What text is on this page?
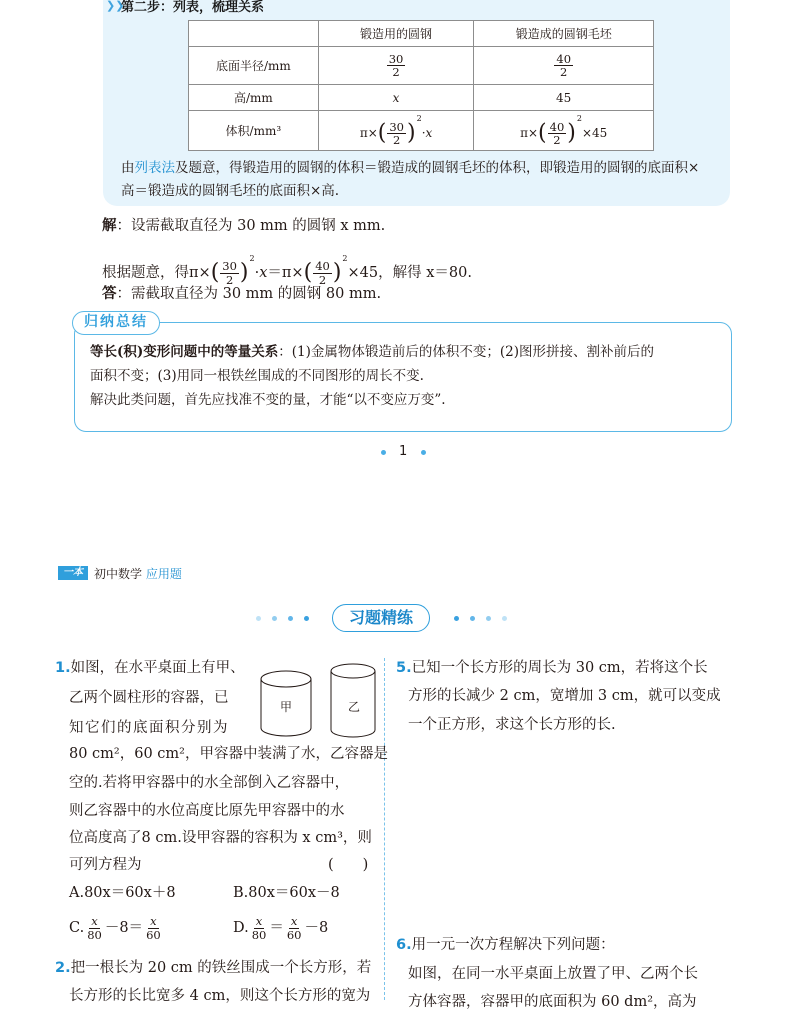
❯❯
第二步：列表，梳理关系
	锻造用的圆钢	锻造成的圆钢毛坯
底面半径/mm	$\frac{30}{2}$	$\frac{40}{2}$

高/mm	x	45
体积/mm³	$\pi\times( \frac{30}{2} )^2\cdot x$	$\pi\times( \frac{40}{2} )^2\times 45$
由列表法及题意，得锻造用的圆钢的体积＝锻造成的圆钢毛坯的体积，即锻造用的圆钢的底面积×
高＝锻造成的圆钢毛坯的底面积×高.
解：设需截取直径为 30 mm 的圆钢 x mm.
根据题意，得$\pi\times( \frac{30}{2} )^2\cdot x=\pi\times( \frac{40}{2} )^2\times 45$，解得 x＝80.
答：需截取直径为 30 mm 的圆钢 80 mm.
归纳总结
等长(积)变形问题中的等量关系：(1)金属物体锻造前后的体积不变；(2)图形拼接、割补前后的
面积不变；(3)用同一根铁丝围成的不同图形的周长不变.
解决此类问题，首先应找准不变的量，才能“以不变应万变”.
1
一本 初中数学 应用题
习题精练
1.如图，在水平桌面上有甲、
乙两个圆柱形的容器，已
知它们的底面积分别为
80 cm²，60 cm²，甲容器中装满了水，乙容器是
空的.若将甲容器中的水全部倒入乙容器中，
则乙容器中的水位高度比原先甲容器中的水
位高度高了8 cm.设甲容器的容积为 x cm³，则
可列方程为	(　　)
甲	乙
A.80x＝60x＋8	B.80x＝60x－8
C. $\frac{x}{80} -8= \frac{x}{60}$	D. $\frac{x}{80} = \frac{x}{60} -8$
2.把一根长为 20 cm 的铁丝围成一个长方形，若
长方形的长比宽多 4 cm，则这个长方形的宽为
5.已知一个长方形的周长为 30 cm，若将这个长
方形的长减少 2 cm，宽增加 3 cm，就可以变成
一个正方形，求这个长方形的长.
6.用一元一次方程解决下列问题：
如图，在同一水平桌面上放置了甲、乙两个长
方体容器，容器甲的底面积为 60 dm²，高为
